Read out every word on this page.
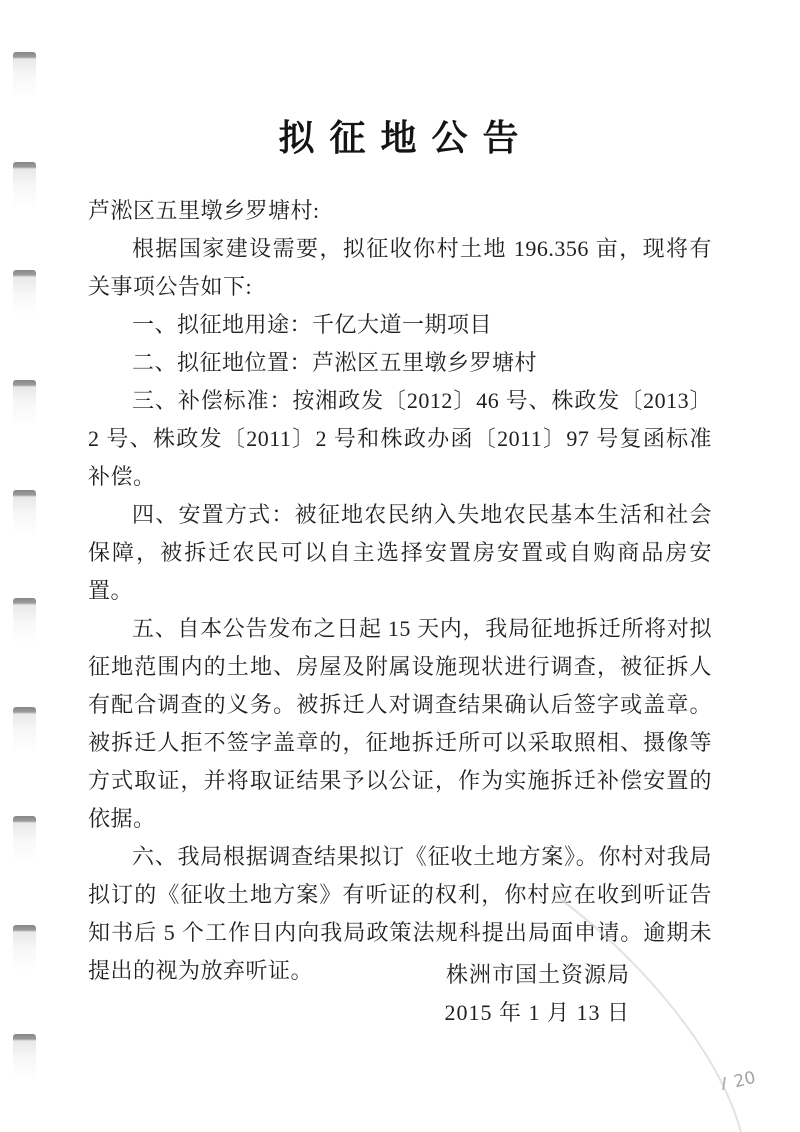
拟 征 地 公 告

芦淞区五里墩乡罗塘村:

根据国家建设需要，拟征收你村土地 196.356 亩，现将有关事项公告如下:

一、拟征地用途：千亿大道一期项目

二、拟征地位置：芦淞区五里墩乡罗塘村

三、补偿标准：按湘政发〔2012〕46 号、株政发〔2013〕2 号、株政发〔2011〕2 号和株政办函〔2011〕97 号复函标准补偿。

四、安置方式：被征地农民纳入失地农民基本生活和社会保障，被拆迁农民可以自主选择安置房安置或自购商品房安置。

五、自本公告发布之日起 15 天内，我局征地拆迁所将对拟征地范围内的土地、房屋及附属设施现状进行调查，被征拆人有配合调查的义务。被拆迁人对调查结果确认后签字或盖章。被拆迁人拒不签字盖章的，征地拆迁所可以采取照相、摄像等方式取证，并将取证结果予以公证，作为实施拆迁补偿安置的依据。

六、我局根据调查结果拟订《征收土地方案》。你村对我局拟订的《征收土地方案》有听证的权利，你村应在收到听证告知书后 5 个工作日内向我局政策法规科提出局面申请。逾期未提出的视为放弃听证。	株洲市国土资源局
2015 年 1 月 13 日
20
